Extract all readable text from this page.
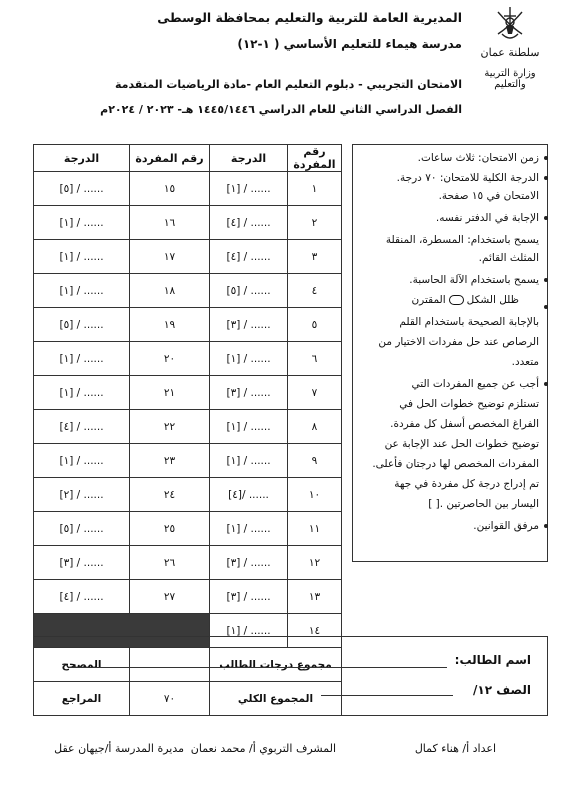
المديرية العامة للتربية والتعليم بمحافظة الوسطى
مدرسة هيماء للتعليم الأساسي ( ١-١٢)
الامتحان التجريبي - دبلوم التعليم العام -مادة الرياضيات المتقدمة
الفصل الدراسي الثاني للعام الدراسي ١٤٤٥/١٤٤٦ هـ- ٢٠٢٣ / ٢٠٢٤م
سلطنة عمان
وزارة التربية والتعليم

زمن الامتحان: ثلاث ساعات.

الدرجة الكلية للامتحان: ٧٠ درجة.

الامتحان في ١٥ صفحة.

الإجابة في الدفتر نفسه.

يسمح باستخدام: المسطرة، المنقلة

المثلث القائم.

يسمح باستخدام الآلة الحاسبة.

ظلل الشكلالمقترن

بالإجابة الصحيحة باستخدام القلم

الرصاص عند حل مفردات الاختيار من

متعدد.

أجب عن جميع المفردات التي

تستلزم توضيح خطوات الحل في

الفراغ المخصص أسفل كل مفردة.

توضيح خطوات الحل عند الإجابة عن

المفردات المخصص لها درجتان فأعلى.

تم إدراج درجة كل مفردة في جهة

اليسار بين الحاصرتين .[ ]

مرفق القوانين.

رقم المفردة	الدرجة	رقم المفردة	الدرجة
١	...... / [١]	١٥	...... / [٥]
٢	...... / [٤]	١٦	...... / [١]
٣	...... / [٤]	١٧	...... / [١]
٤	...... / [٥]	١٨	...... / [١]
٥	...... / [٣]	١٩	...... / [٥]
٦	...... / [١]	٢٠	...... / [١]
٧	...... / [٣]	٢١	...... / [١]
٨	...... / [١]	٢٢	...... / [٤]
٩	...... / [١]	٢٣	...... / [١]
١٠	...... /[٤]	٢٤	...... / [٢]
١١	...... / [١]	٢٥	...... / [٥]
١٢	...... / [٣]	٢٦	...... / [٣]
١٣	...... / [٣]	٢٧	...... / [٤]
١٤	...... / [١]		
مجموع درجات الطالب			المصحح
المجموع الكلي		٧٠	المراجع
اسم الطالب:
الصف ١٢/
اعداد أ/ هناء كمال
المشرف التربوي أ/ محمد نعمان
مديرة المدرسة أ/جيهان عقل
